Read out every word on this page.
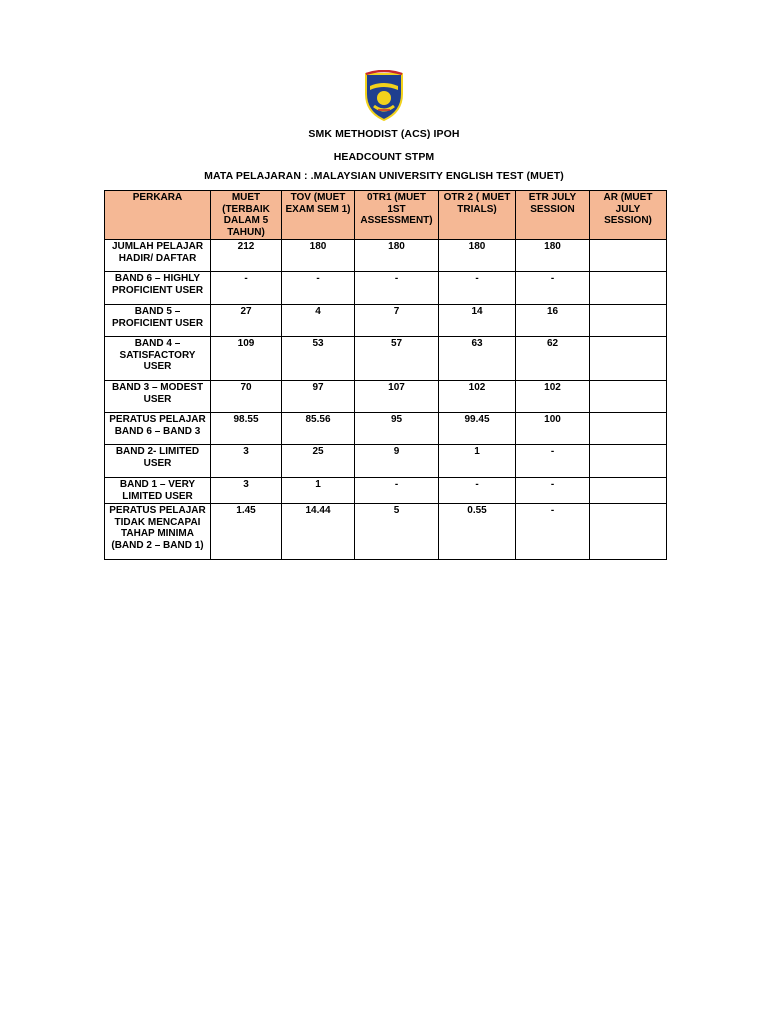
SMK METHODIST (ACS) IPOH
HEADCOUNT STPM
MATA PELAJARAN : .MALAYSIAN UNIVERSITY ENGLISH TEST (MUET)
PERKARA	MUET (TERBAIK DALAM 5 TAHUN)	TOV (MUET EXAM SEM 1)	0TR1 (MUET 1ST ASSESSMENT)	OTR 2 ( MUET TRIALS)	ETR JULY SESSION	AR (MUET JULY SESSION)
JUMLAH PELAJAR HADIR/ DAFTAR	212	180	180	180	180	
BAND 6 – HIGHLY PROFICIENT USER	-	-	-	-	-	
BAND 5 – PROFICIENT USER	27	4	7	14	16	
BAND 4 – SATISFACTORY USER	109	53	57	63	62	
BAND 3 – MODEST USER	70	97	107	102	102	
PERATUS PELAJAR BAND 6 – BAND 3	98.55	85.56	95	99.45	100	
BAND 2- LIMITED USER	3	25	9	1	-	
BAND 1 – VERY LIMITED USER	3	1	-	-	-	
PERATUS PELAJAR TIDAK MENCAPAI TAHAP MINIMA (BAND 2 – BAND 1)	1.45	14.44	5	0.55	-	
